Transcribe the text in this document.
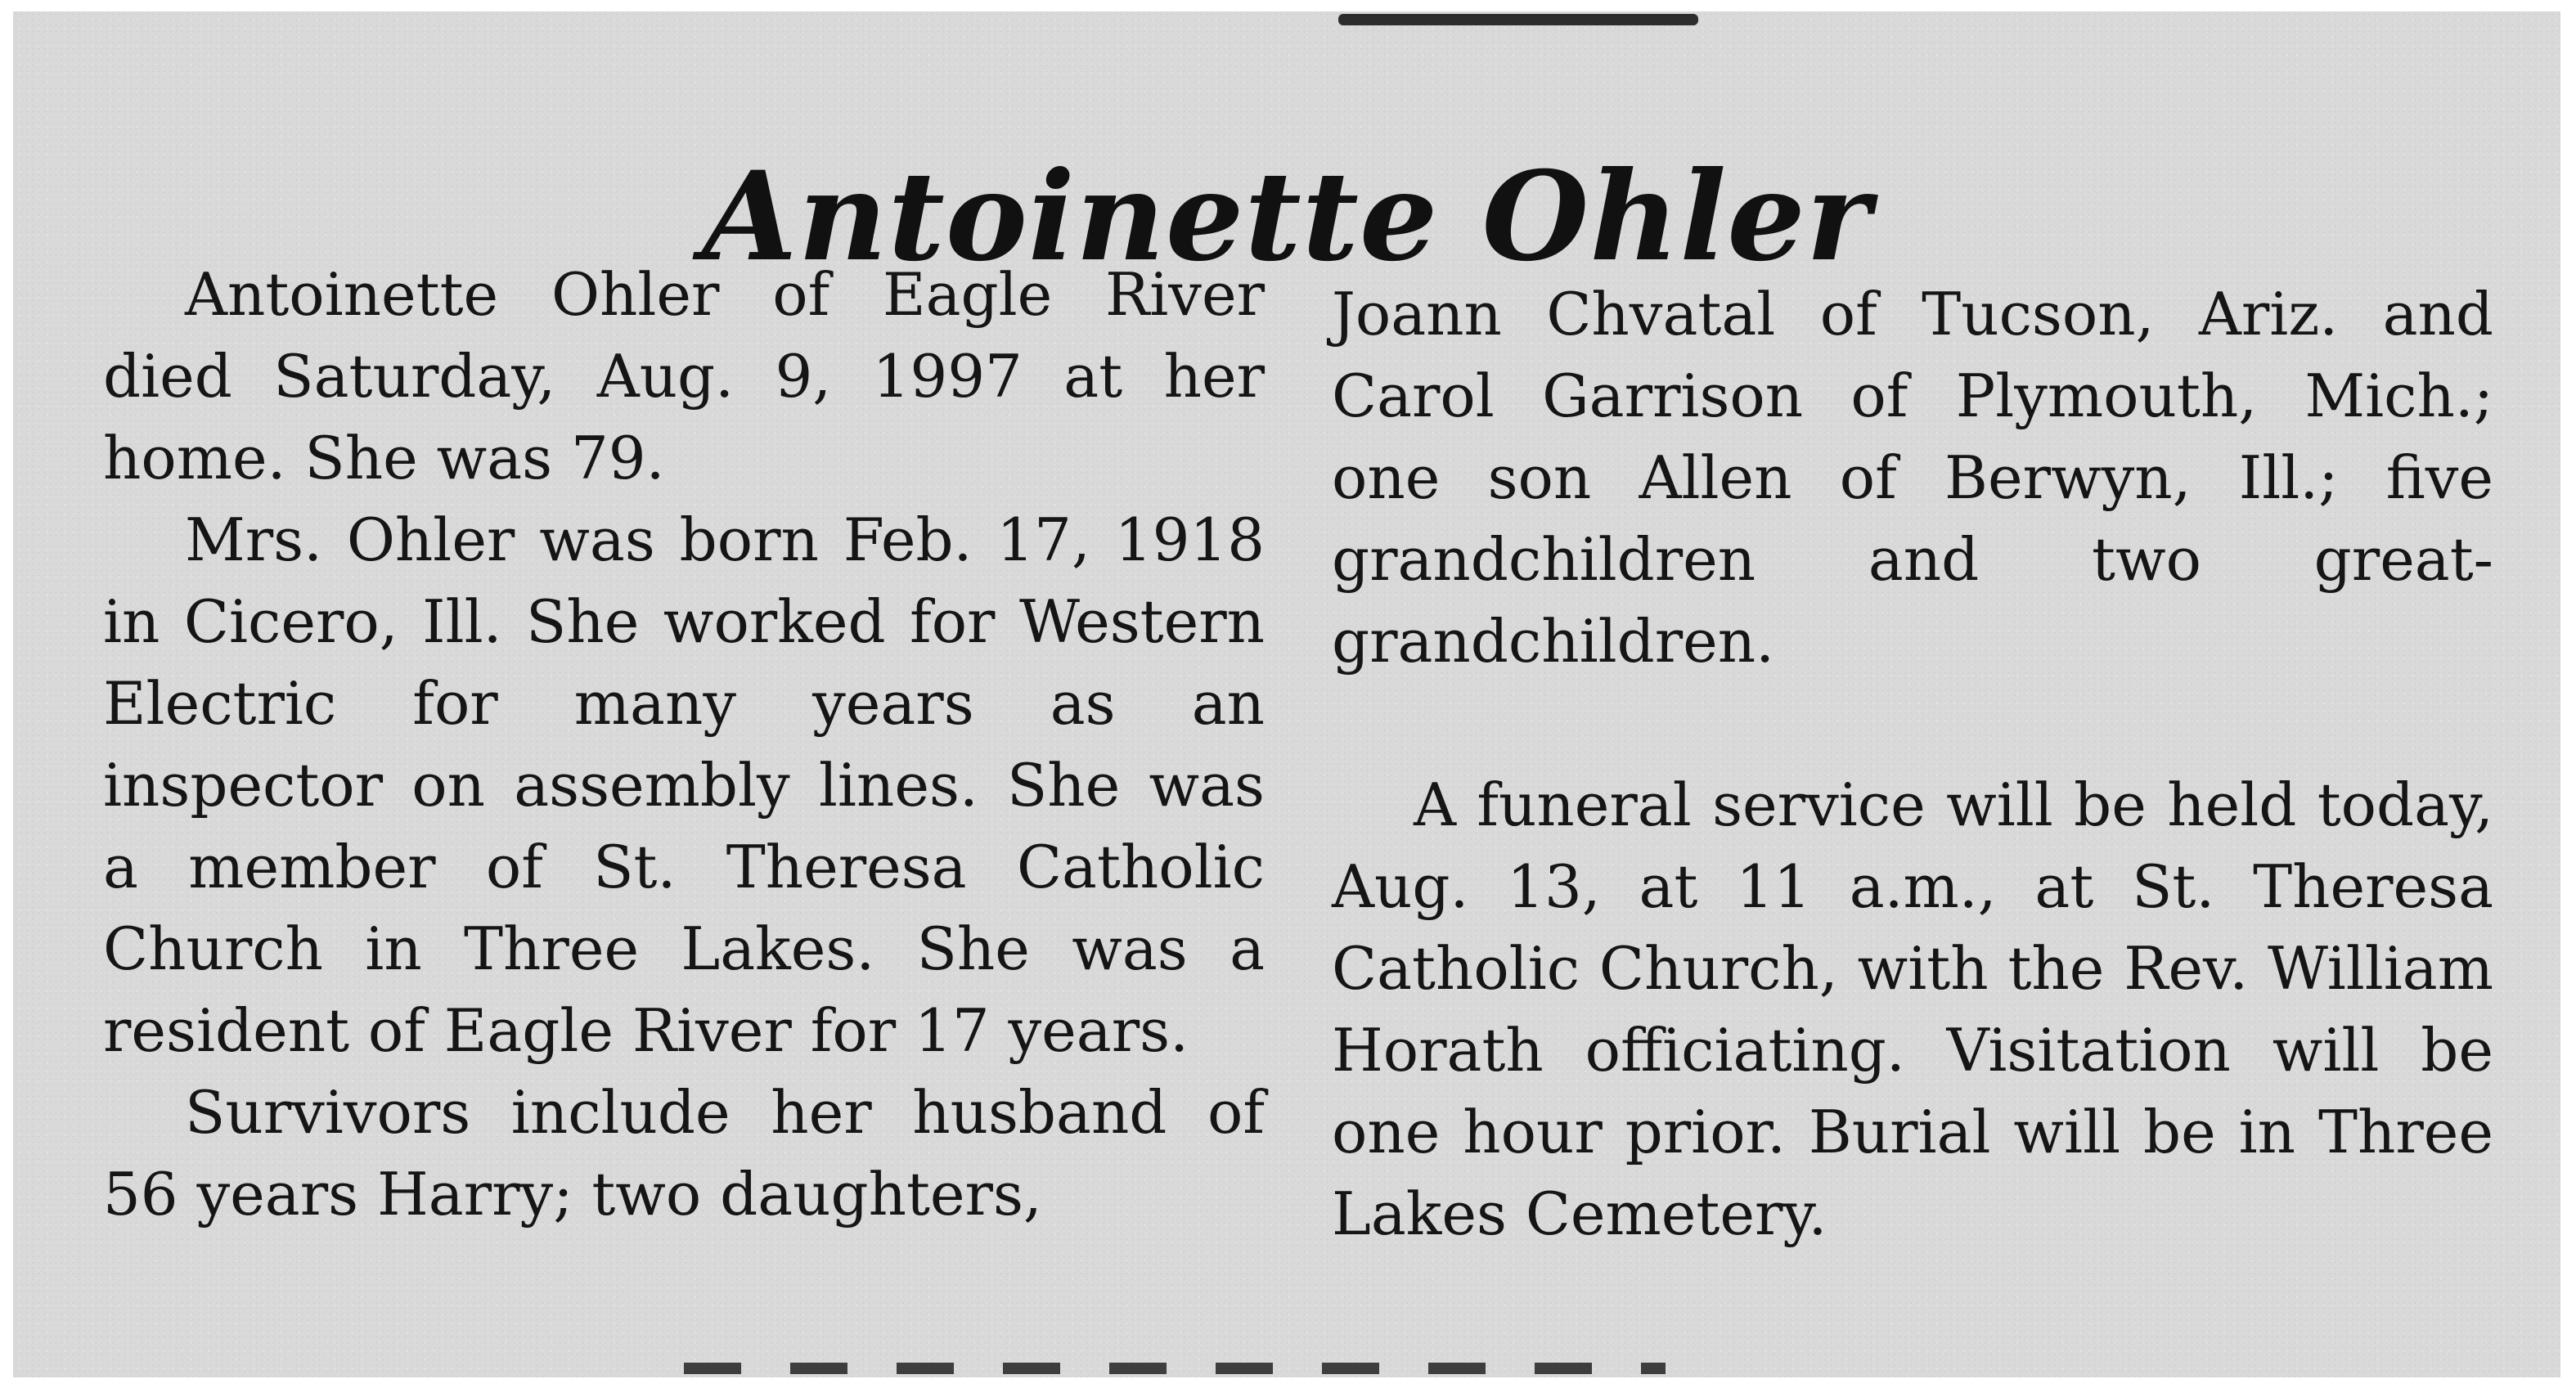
Antoinette Ohler

Antoinette Ohler of Eagle River died Saturday, Aug. 9, 1997 at her home. She was 79.

Mrs. Ohler was born Feb. 17, 1918 in Cicero, Ill. She worked for Western Electric for many years as an inspector on assembly lines. She was a member of St. Theresa Catholic Church in Three Lakes. She was a resident of Eagle River for 17 years.

Survivors include her husband of 56 years Harry; two daughters,

Joann Chvatal of Tucson, Ariz. and Carol Garrison of Plymouth, Mich.; one son Allen of Berwyn, Ill.; five grandchildren and two great-grandchildren.

A funeral service will be held today, Aug. 13, at 11 a.m., at St. Theresa Catholic Church, with the Rev. William Horath officiating. Visitation will be one hour prior. Burial will be in Three Lakes Cemetery.
